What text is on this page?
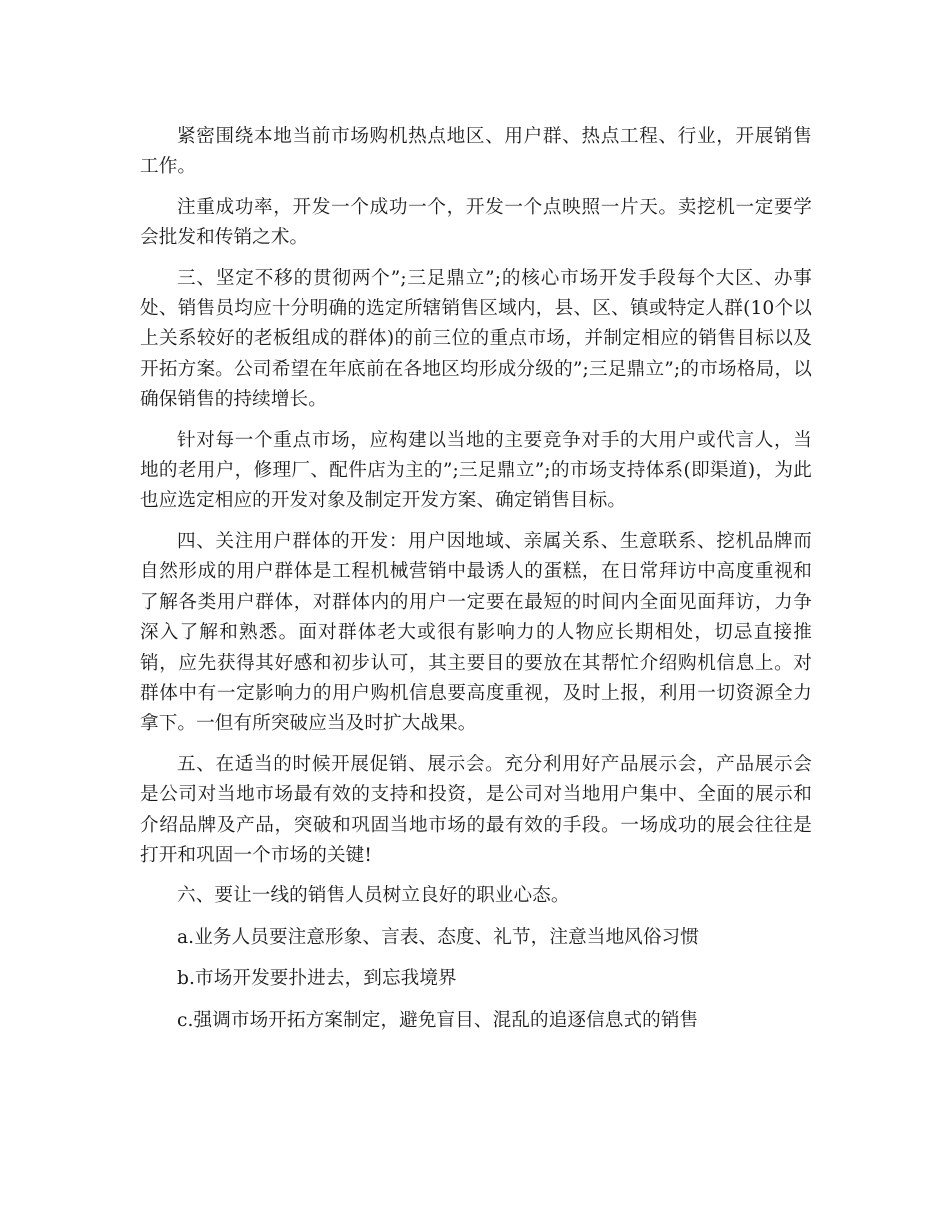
紧密围绕本地当前市场购机热点地区、用户群、热点工程、行业，开展销售工作。

注重成功率，开发一个成功一个，开发一个点映照一片天。卖挖机一定要学会批发和传销之术。

三、坚定不移的贯彻两个”;三足鼎立”;的核心市场开发手段每个大区、办事处、销售员均应十分明确的选定所辖销售区域内，县、区、镇或特定人群(10个以上关系较好的老板组成的群体)的前三位的重点市场，并制定相应的销售目标以及开拓方案。公司希望在年底前在各地区均形成分级的”;三足鼎立”;的市场格局，以确保销售的持续增长。

针对每一个重点市场，应构建以当地的主要竞争对手的大用户或代言人，当地的老用户，修理厂、配件店为主的”;三足鼎立”;的市场支持体系(即渠道)，为此也应选定相应的开发对象及制定开发方案、确定销售目标。

四、关注用户群体的开发：用户因地域、亲属关系、生意联系、挖机品牌而自然形成的用户群体是工程机械营销中最诱人的蛋糕，在日常拜访中高度重视和了解各类用户群体，对群体内的用户一定要在最短的时间内全面见面拜访，力争深入了解和熟悉。面对群体老大或很有影响力的人物应长期相处，切忌直接推销，应先获得其好感和初步认可，其主要目的要放在其帮忙介绍购机信息上。对群体中有一定影响力的用户购机信息要高度重视，及时上报，利用一切资源全力拿下。一但有所突破应当及时扩大战果。

五、在适当的时候开展促销、展示会。充分利用好产品展示会，产品展示会是公司对当地市场最有效的支持和投资，是公司对当地用户集中、全面的展示和介绍品牌及产品，突破和巩固当地市场的最有效的手段。一场成功的展会往往是打开和巩固一个市场的关键!

六、要让一线的销售人员树立良好的职业心态。

a.业务人员要注意形象、言表、态度、礼节，注意当地风俗习惯

b.市场开发要扑进去，到忘我境界

c.强调市场开拓方案制定，避免盲目、混乱的追逐信息式的销售
